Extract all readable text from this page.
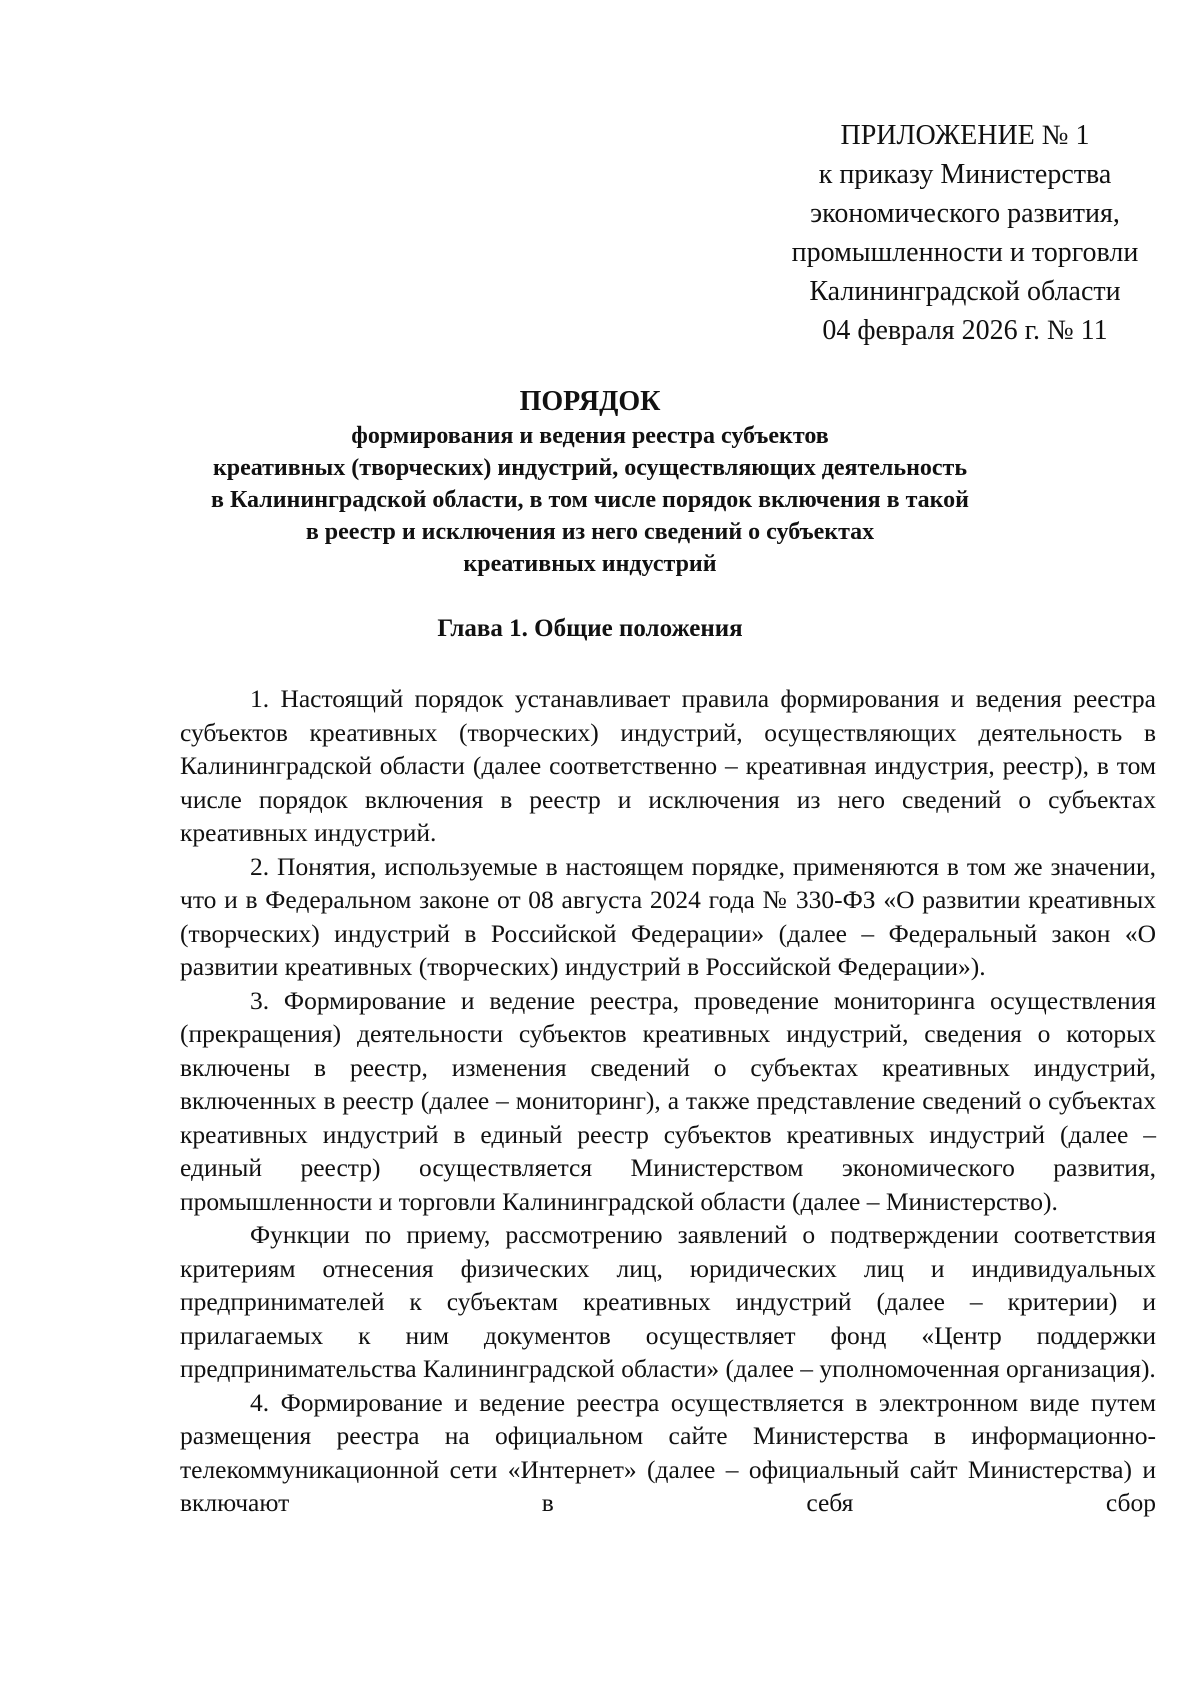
ПРИЛОЖЕНИЕ № 1
к приказу Министерства
экономического развития,
промышленности и торговли
Калининградской области
04 февраля 2026 г. № 11
ПОРЯДОК
формирования и ведения реестра субъектов
креативных (творческих) индустрий, осуществляющих деятельность
в Калининградской области, в том числе порядок включения в такой
в реестр и исключения из него сведений о субъектах
креативных индустрий
Глава 1. Общие положения

1. Настоящий порядок устанавливает правила формирования и ведения реестра субъектов креативных (творческих) индустрий, осуществляющих деятельность в Калининградской области (далее соответственно – креативная индустрия, реестр), в том числе порядок включения в реестр и исключения из него сведений о субъектах креативных индустрий.

2. Понятия, используемые в настоящем порядке, применяются в том же значении, что и в Федеральном законе от 08 августа 2024 года № 330-ФЗ «О развитии креативных (творческих) индустрий в Российской Федерации» (далее – Федеральный закон «О развитии креативных (творческих) индустрий в Российской Федерации»).

3. Формирование и ведение реестра, проведение мониторинга осуществления (прекращения) деятельности субъектов креативных индустрий, сведения о которых включены в реестр, изменения сведений о субъектах креативных индустрий, включенных в реестр (далее – мониторинг), а также представление сведений о субъектах креативных индустрий в единый реестр субъектов креативных индустрий (далее – единый реестр) осуществляется Министерством экономического развития, промышленности и торговли Калининградской области (далее – Министерство).

Функции по приему, рассмотрению заявлений о подтверждении соответствия критериям отнесения физических лиц, юридических лиц и индивидуальных предпринимателей к субъектам креативных индустрий (далее – критерии) и прилагаемых к ним документов осуществляет фонд «Центр поддержки предпринимательства Калининградской области» (далее – уполномоченная организация).

4. Формирование и ведение реестра осуществляется в электронном виде путем размещения реестра на официальном сайте Министерства в информационно-телекоммуникационной сети «Интернет» (далее – официальный сайт Министерства) и включают в себя сбор
